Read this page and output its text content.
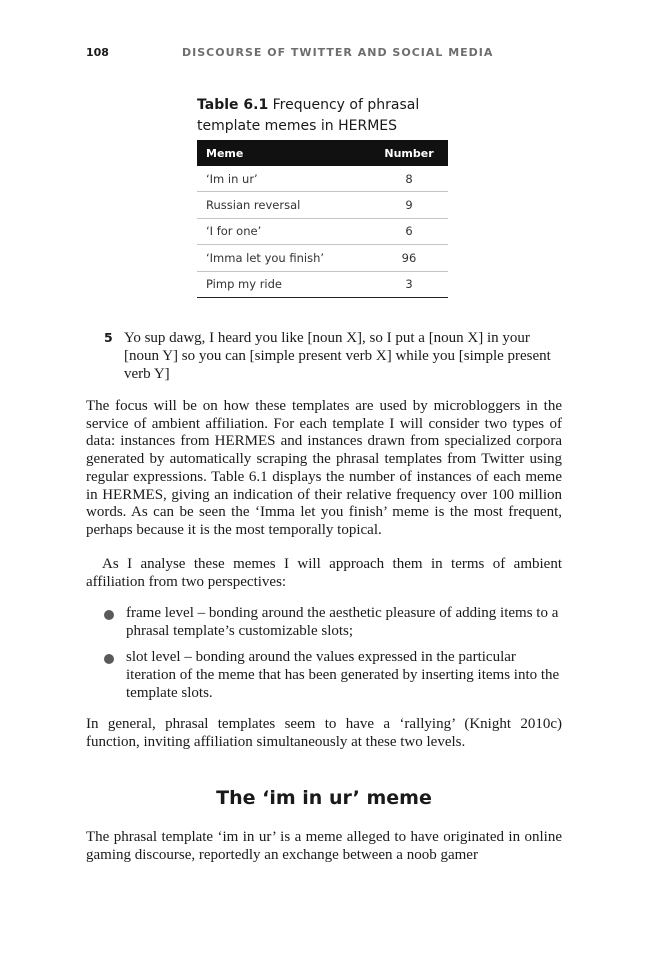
108	DISCOURSE OF TWITTER AND SOCIAL MEDIA
Table 6.1 Frequency of phrasal template memes in HERMES
Meme	Number
‘Im in ur’	8
Russian reversal	9
‘I for one’	6
‘Imma let you finish’	96
Pimp my ride	3
5 Yo sup dawg, I heard you like [noun X], so I put a [noun X] in your [noun Y] so you can [simple present verb X] while you [simple present verb Y]
The focus will be on how these templates are used by microbloggers in the service of ambient affiliation. For each template I will consider two types of data: instances from HERMES and instances drawn from specialized corpora generated by automatically scraping the phrasal templates from Twitter using regular expressions. Table 6.1 displays the number of instances of each meme in HERMES, giving an indication of their relative frequency over 100 million words. As can be seen the ‘Imma let you finish’ meme is the most frequent, perhaps because it is the most temporally topical.
As I analyse these memes I will approach them in terms of ambient affiliation from two perspectives:
frame level – bonding around the aesthetic pleasure of adding items to a phrasal template’s customizable slots;
slot level – bonding around the values expressed in the particular iteration of the meme that has been generated by inserting items into the template slots.
In general, phrasal templates seem to have a ‘rallying’ (Knight 2010c) function, inviting affiliation simultaneously at these two levels.
The ‘im in ur’ meme
The phrasal template ‘im in ur’ is a meme alleged to have originated in online gaming discourse, reportedly an exchange between a noob gamer
